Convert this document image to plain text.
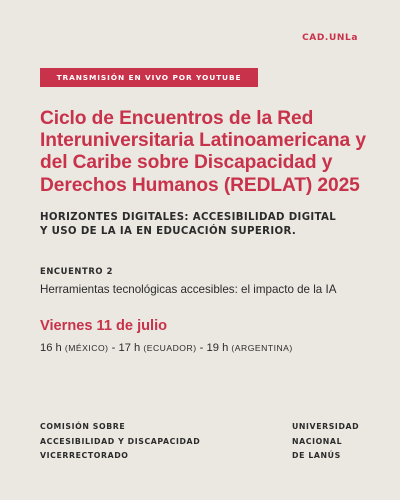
CAD.UNLa
TRANSMISIÓN EN VIVO POR YOUTUBE
Ciclo de Encuentros de la Red Interuniversitaria Latinoamericana y del Caribe sobre Discapacidad y Derechos Humanos (REDLAT) 2025
HORIZONTES DIGITALES: ACCESIBILIDAD DIGITAL
Y USO DE LA IA EN EDUCACIÓN SUPERIOR.
ENCUENTRO 2
Herramientas tecnológicas accesibles: el impacto de la IA
Viernes 11 de julio
16 h (MÉXICO) - 17 h (ECUADOR) - 19 h (ARGENTINA)
COMISIÓN SOBRE
ACCESIBILIDAD Y DISCAPACIDAD
VICERRECTORADO
UNIVERSIDAD
NACIONAL
DE LANÚS
